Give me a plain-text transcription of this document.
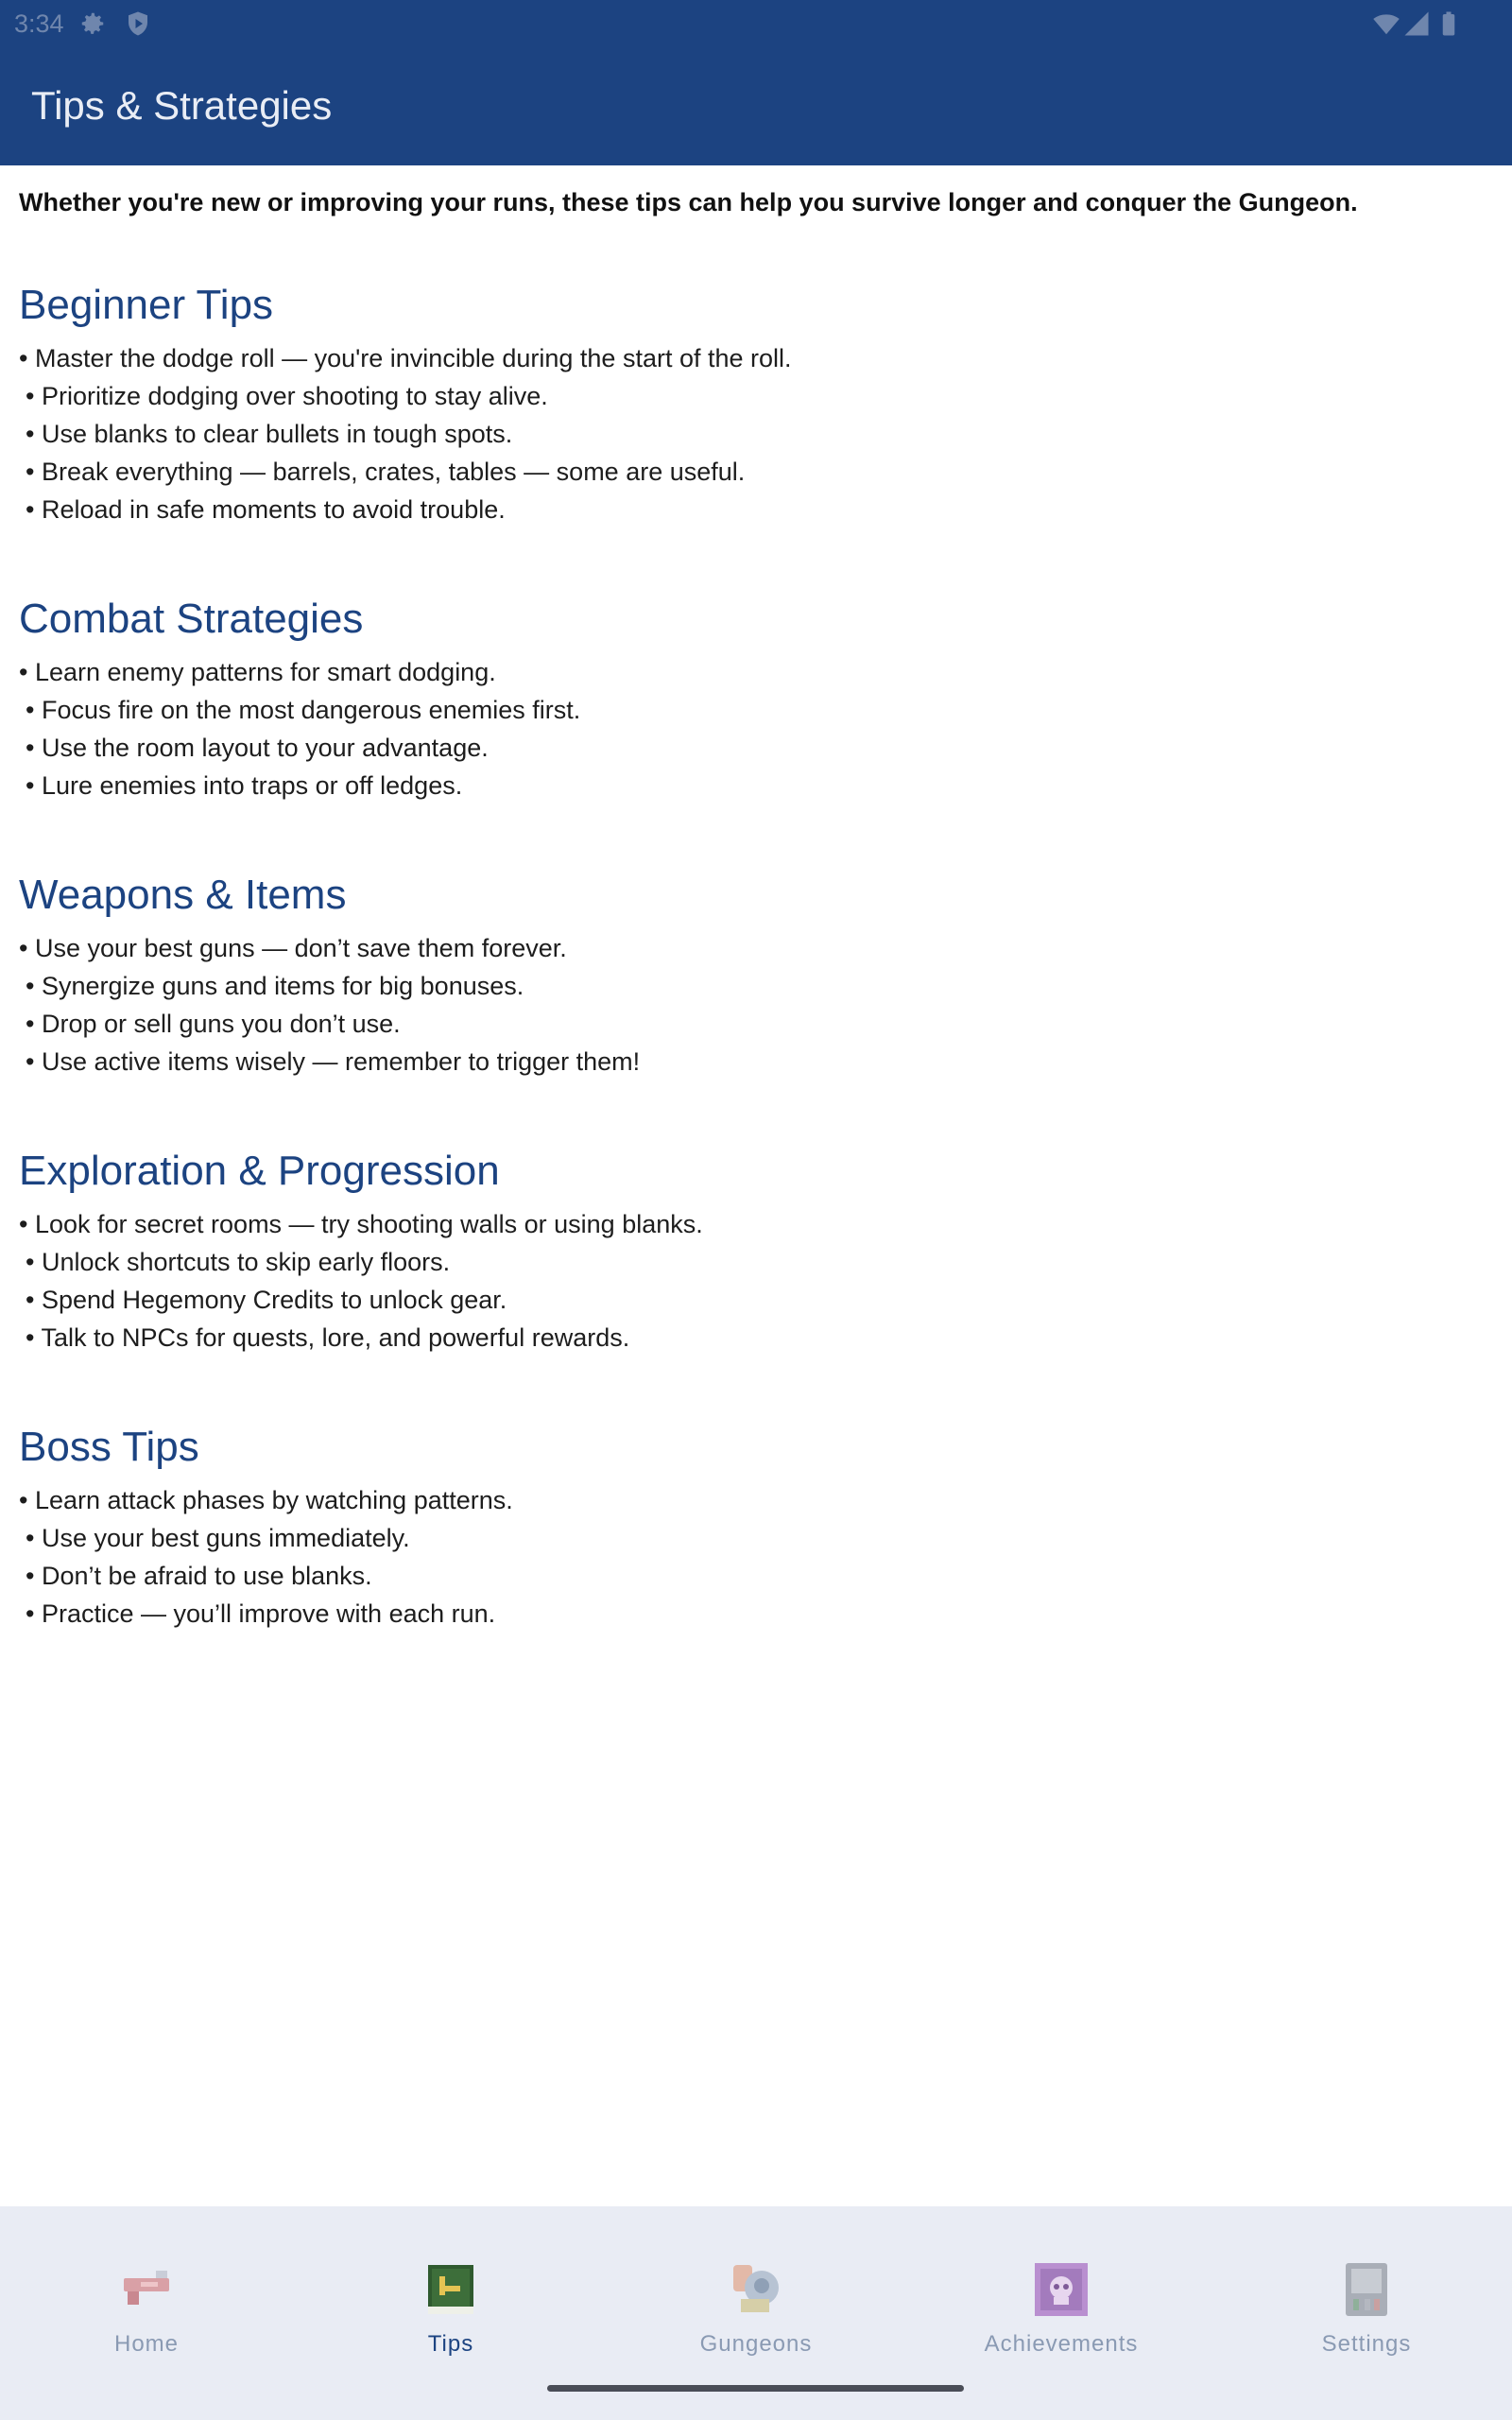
3:34
Tips & Strategies
Whether you're new or improving your runs, these tips can help you survive longer and conquer the Gungeon.
Beginner Tips
• Master the dodge roll — you're invincible during the start of the roll.
• Prioritize dodging over shooting to stay alive.
• Use blanks to clear bullets in tough spots.
• Break everything — barrels, crates, tables — some are useful.
• Reload in safe moments to avoid trouble.
Combat Strategies
• Learn enemy patterns for smart dodging.
• Focus fire on the most dangerous enemies first.
• Use the room layout to your advantage.
• Lure enemies into traps or off ledges.
Weapons & Items
• Use your best guns — don’t save them forever.
• Synergize guns and items for big bonuses.
• Drop or sell guns you don’t use.
• Use active items wisely — remember to trigger them!
Exploration & Progression
• Look for secret rooms — try shooting walls or using blanks.
• Unlock shortcuts to skip early floors.
• Spend Hegemony Credits to unlock gear.
• Talk to NPCs for quests, lore, and powerful rewards.
Boss Tips
• Learn attack phases by watching patterns.
• Use your best guns immediately.
• Don’t be afraid to use blanks.
• Practice — you’ll improve with each run.
Home	Tips	Gungeons	Achievements	Settings
